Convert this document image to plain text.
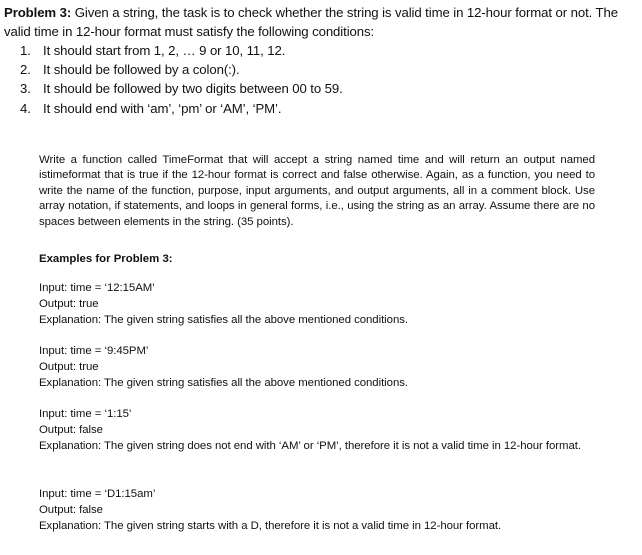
Problem 3: Given a string, the task is to check whether the string is valid time in 12-hour format or not. The valid time in 12-hour format must satisfy the following conditions:
1. It should start from 1, 2, … 9 or 10, 11, 12.
2. It should be followed by a colon(:).
3. It should be followed by two digits between 00 to 59.
4. It should end with ‘am’, ‘pm’ or ‘AM’, ‘PM’.
Write a function called TimeFormat that will accept a string named time and will return an output named istimeformat that is true if the 12-hour format is correct and false otherwise. Again, as a function, you need to write the name of the function, purpose, input arguments, and output arguments, all in a comment block. Use array notation, if statements, and loops in general forms, i.e., using the string as an array. Assume there are no spaces between elements in the string. (35 points).
Examples for Problem 3:
Input: time = ‘12:15AM’
Output: true
Explanation: The given string satisfies all the above mentioned conditions.
Input: time = ‘9:45PM’
Output: true
Explanation: The given string satisfies all the above mentioned conditions.
Input: time = ‘1:15’
Output: false
Explanation: The given string does not end with ‘AM’ or ‘PM’, therefore it is not a valid time in 12-hour format.
Input: time = ‘D1:15am’
Output: false
Explanation: The given string starts with a D, therefore it is not a valid time in 12-hour format.
